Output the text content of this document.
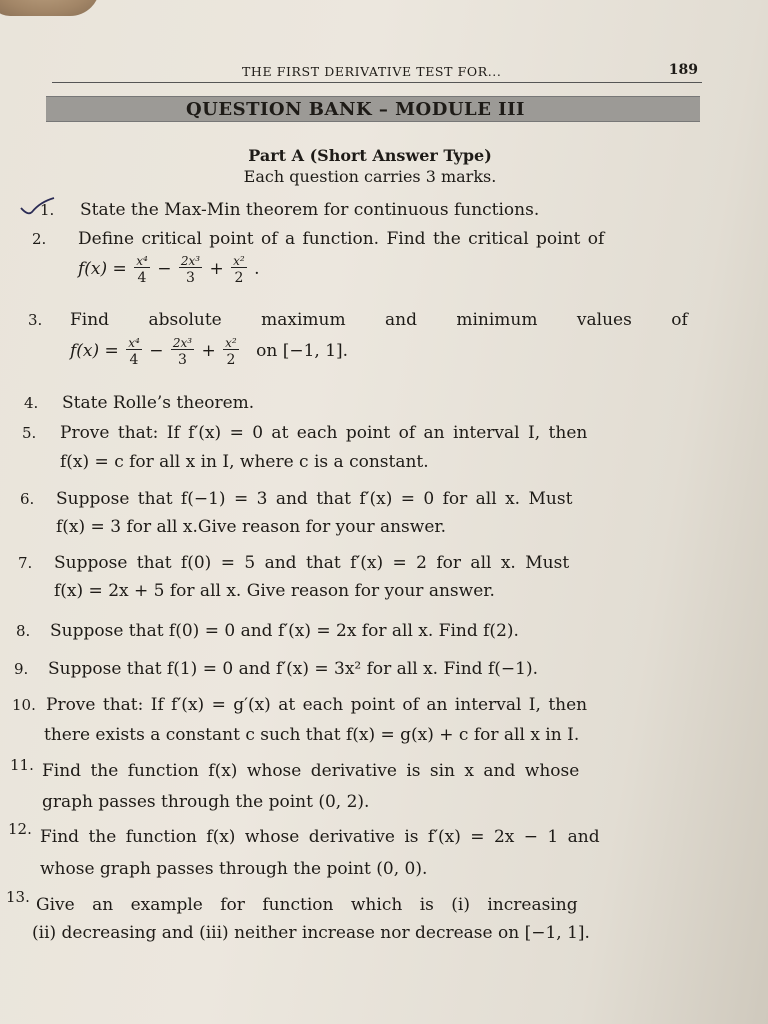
THE FIRST DERIVATIVE TEST FOR...	189
QUESTION BANK – MODULE III
Part A (Short Answer Type)
Each question carries 3 marks.
1. State the Max-Min theorem for continuous functions.
2. Define critical point of a function. Find the critical point of
$f(x) = \frac{\text{x⁴}}{4} - \frac{\text{2x³}}{3} + \frac{\text{x²}}{2}$ .
3. Find absolute maximum and minimum values of
$f(x) = \frac{\text{x⁴}}{4} - \frac{\text{2x³}}{3} + \frac{\text{x²}}{2}$ on [−1, 1].
4. State Rolle’s theorem.
5. Prove that: If f′(x) = 0 at each point of an interval I, then
f(x) = c for all x in I, where c is a constant.
6. Suppose that f(−1) = 3 and that f′(x) = 0 for all x. Must
f(x) = 3 for all x.Give reason for your answer.
7. Suppose that f(0) = 5 and that f′(x) = 2 for all x. Must
f(x) = 2x + 5 for all x. Give reason for your answer.
8. Suppose that f(0) = 0 and f′(x) = 2x for all x. Find f(2).
9. Suppose that f(1) = 0 and f′(x) = 3x² for all x. Find f(−1).
10. Prove that: If f′(x) = g′(x) at each point of an interval I, then
there exists a constant c such that f(x) = g(x) + c for all x in I.
11. Find the function f(x) whose derivative is sin x and whose
graph passes through the point (0, 2).
12. Find the function f(x) whose derivative is f′(x) = 2x − 1 and
whose graph passes through the point (0, 0).
13. Give an example for function which is (i) increasing
(ii) decreasing and (iii) neither increase nor decrease on [−1, 1].
